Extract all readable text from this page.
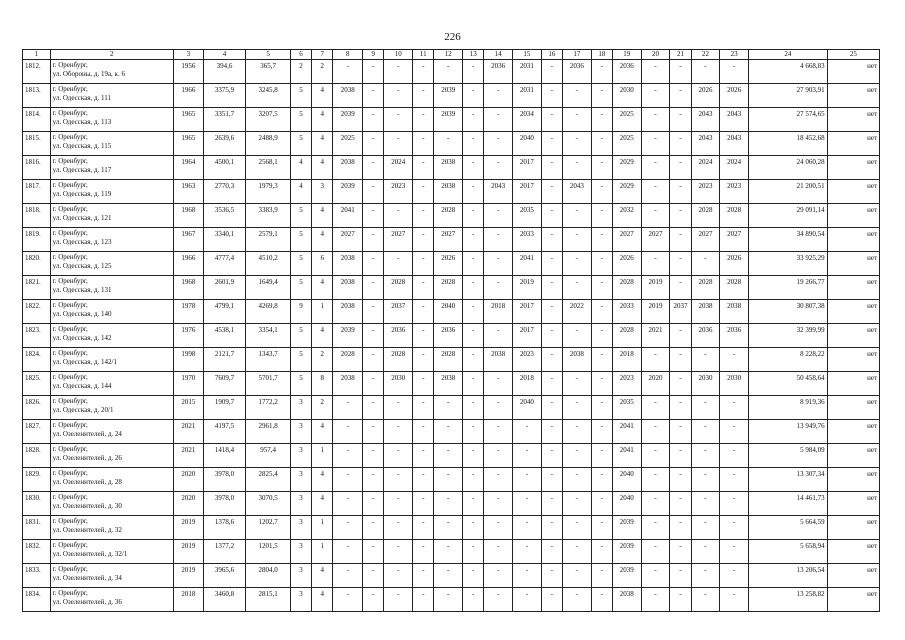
226
1	2	3	4	5	6	7	8	9	10	11	12	13	14	15	16	17	18	19	20	21	22	23	24	25
1812.	г. Оренбург,
ул. Обороны, д. 19а, к. 6	1956	394,6	365,7	2	2	-	-	-	-	-	-	2036	2031	-	2036	-	2036	-	-	-	-	4 668,83	нет
1813.	г. Оренбург,
ул. Одесская, д. 111	1966	3375,9	3245,8	5	4	2038	-	-	-	2039	-	-	2031	-	-	-	2030	-	-	2026	2026	27 903,91	нет
1814.	г. Оренбург,
ул. Одесская, д. 113	1965	3351,7	3207,5	5	4	2039	-	-	-	2039	-	-	2034	-	-	-	2025	-	-	2043	2043	27 574,65	нет
1815.	г. Оренбург,
ул. Одесская, д. 115	1965	2639,6	2488,9	5	4	2025	-	-	-	-	-	-	2040	-	-	-	2025	-	-	2043	2043	18 452,68	нет
1816.	г. Оренбург,
ул. Одесская, д. 117	1964	4500,1	2568,1	4	4	2038	-	2024	-	2038	-	-	2017	-	-	-	2029	-	-	2024	2024	24 060,28	нет
1817.	г. Оренбург,
ул. Одесская, д. 119	1963	2770,3	1979,3	4	3	2039	-	2023	-	2038	-	2043	2017	-	2043	-	2029	-	-	2023	2023	21 200,51	нет
1818.	г. Оренбург,
ул. Одесская, д. 121	1968	3536,5	3383,9	5	4	2041	-	-	-	2028	-	-	2035	-	-	-	2032	-	-	2028	2028	29 091,14	нет
1819.	г. Оренбург,
ул. Одесская, д. 123	1967	3340,1	2579,1	5	4	2027	-	2027	-	2027	-	-	2033	-	-	-	2027	2027	-	2027	2027	34 890,54	нет
1820.	г. Оренбург,
ул. Одесская, д. 125	1966	4777,4	4510,2	5	6	2038	-	-	-	2026	-	-	2041	-	-	-	2026	-	-	-	2026	33 925,29	нет
1821.	г. Оренбург,
ул. Одесская, д. 131	1968	2601,9	1649,4	5	4	2038	-	2028	-	2028	-	-	2019	-	-	-	2028	2019	-	2028	2028	19 266,77	нет
1822.	г. Оренбург,
ул. Одесская, д. 140	1978	4799,1	4269,8	9	1	2038	-	2037	-	2040	-	2018	2017	-	2022	-	2033	2019	2037	2038	2038	30 807,38	нет
1823.	г. Оренбург,
ул. Одесская, д. 142	1976	4538,1	3354,1	5	4	2039	-	2036	-	2036	-	-	2017	-	-	-	2028	2021	-	2036	2036	32 399,99	нет
1824.	г. Оренбург,
ул. Одесская, д. 142/1	1998	2121,7	1343,7	5	2	2028	-	2028	-	2028	-	2038	2023	-	2038	-	2018	-	-	-	-	8 228,22	нет
1825.	г. Оренбург,
ул. Одесская, д. 144	1970	7609,7	5701,7	5	8	2038	-	2030	-	2038	-	-	2018	-	-	-	2023	2020	-	2030	2030	50 458,64	нет
1826.	г. Оренбург,
ул. Одесская, д. 20/1	2015	1909,7	1772,2	3	2	-	-	-	-	-	-	-	2040	-	-	-	2035	-	-	-	-	8 919,36	нет
1827.	г. Оренбург,
ул. Озеленителей, д. 24	2021	4197,5	2961,8	3	4	-	-	-	-	-	-	-	-	-	-	-	2041	-	-	-	-	13 949,76	нет
1828.	г. Оренбург,
ул. Озеленителей, д. 26	2021	1418,4	957,4	3	1	-	-	-	-	-	-	-	-	-	-	-	2041	-	-	-	-	5 984,09	нет
1829.	г. Оренбург,
ул. Озеленителей, д. 28	2020	3978,0	2825,4	3	4	-	-	-	-	-	-	-	-	-	-	-	2040	-	-	-	-	13 307,34	нет
1830.	г. Оренбург,
ул. Озеленителей, д. 30	2020	3978,0	3070,5	3	4	-	-	-	-	-	-	-	-	-	-	-	2040	-	-	-	-	14 461,73	нет
1831.	г. Оренбург,
ул. Озеленителей, д. 32	2019	1378,6	1202,7	3	1	-	-	-	-	-	-	-	-	-	-	-	2039	-	-	-	-	5 664,59	нет
1832.	г. Оренбург,
ул. Озеленителей, д. 32/1	2019	1377,2	1201,5	3	1	-	-	-	-	-	-	-	-	-	-	-	2039	-	-	-	-	5 658,94	нет
1833.	г. Оренбург,
ул. Озеленителей, д. 34	2019	3965,6	2804,0	3	4	-	-	-	-	-	-	-	-	-	-	-	2039	-	-	-	-	13 206,54	нет
1834.	г. Оренбург,
ул. Озеленителей, д. 36	2018	3460,8	2815,1	3	4	-	-	-	-	-	-	-	-	-	-	-	2038	-	-	-	-	13 258,82	нет
